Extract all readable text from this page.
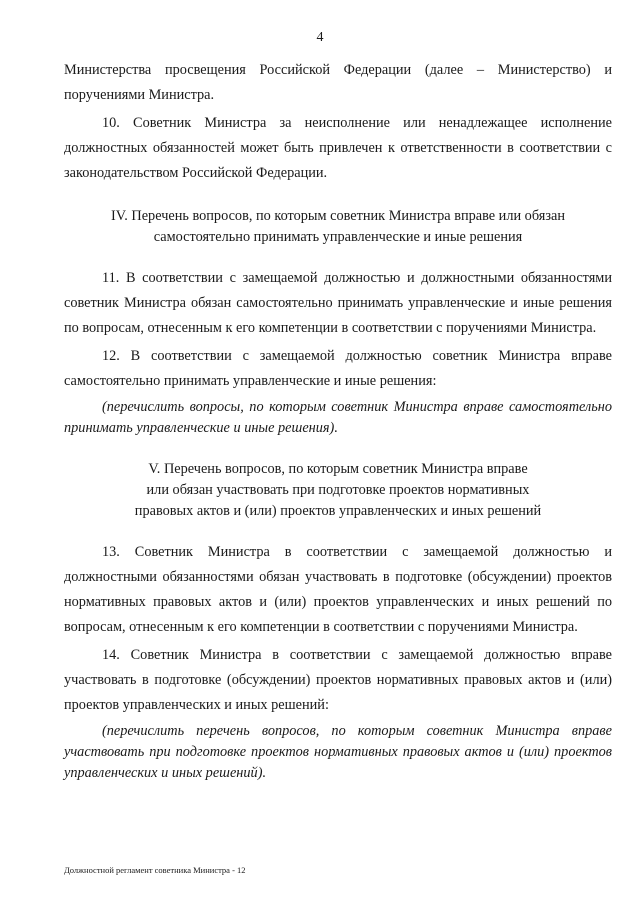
4

Министерства просвещения Российской Федерации (далее – Министерство) и поручениями Министра.

10. Советник Министра за неисполнение или ненадлежащее исполнение должностных обязанностей может быть привлечен к ответственности в соответствии с законодательством Российской Федерации.

IV. Перечень вопросов, по которым советник Министра вправе или обязан

самостоятельно принимать управленческие и иные решения

11. В соответствии с замещаемой должностью и должностными обязанностями советник Министра обязан самостоятельно принимать управленческие и иные решения по вопросам, отнесенным к его компетенции в соответствии с поручениями Министра.

12. В соответствии с замещаемой должностью советник Министра вправе самостоятельно принимать управленческие и иные решения:

(перечислить вопросы, по которым советник Министра вправе самостоятельно принимать управленческие и иные решения).

V. Перечень вопросов, по которым советник Министра вправе

или обязан участвовать при подготовке проектов нормативных

правовых актов и (или) проектов управленческих и иных решений

13. Советник Министра в соответствии с замещаемой должностью и должностными обязанностями обязан участвовать в подготовке (обсуждении) проектов нормативных правовых актов и (или) проектов управленческих и иных решений по вопросам, отнесенным к его компетенции в соответствии с поручениями Министра.

14. Советник Министра в соответствии с замещаемой должностью вправе участвовать в подготовке (обсуждении) проектов нормативных правовых актов и (или) проектов управленческих и иных решений:

(перечислить перечень вопросов, по которым советник Министра вправе участвовать при подготовке проектов нормативных правовых актов и (или) проектов управленческих и иных решений).

Должностной регламент советника Министра - 12
